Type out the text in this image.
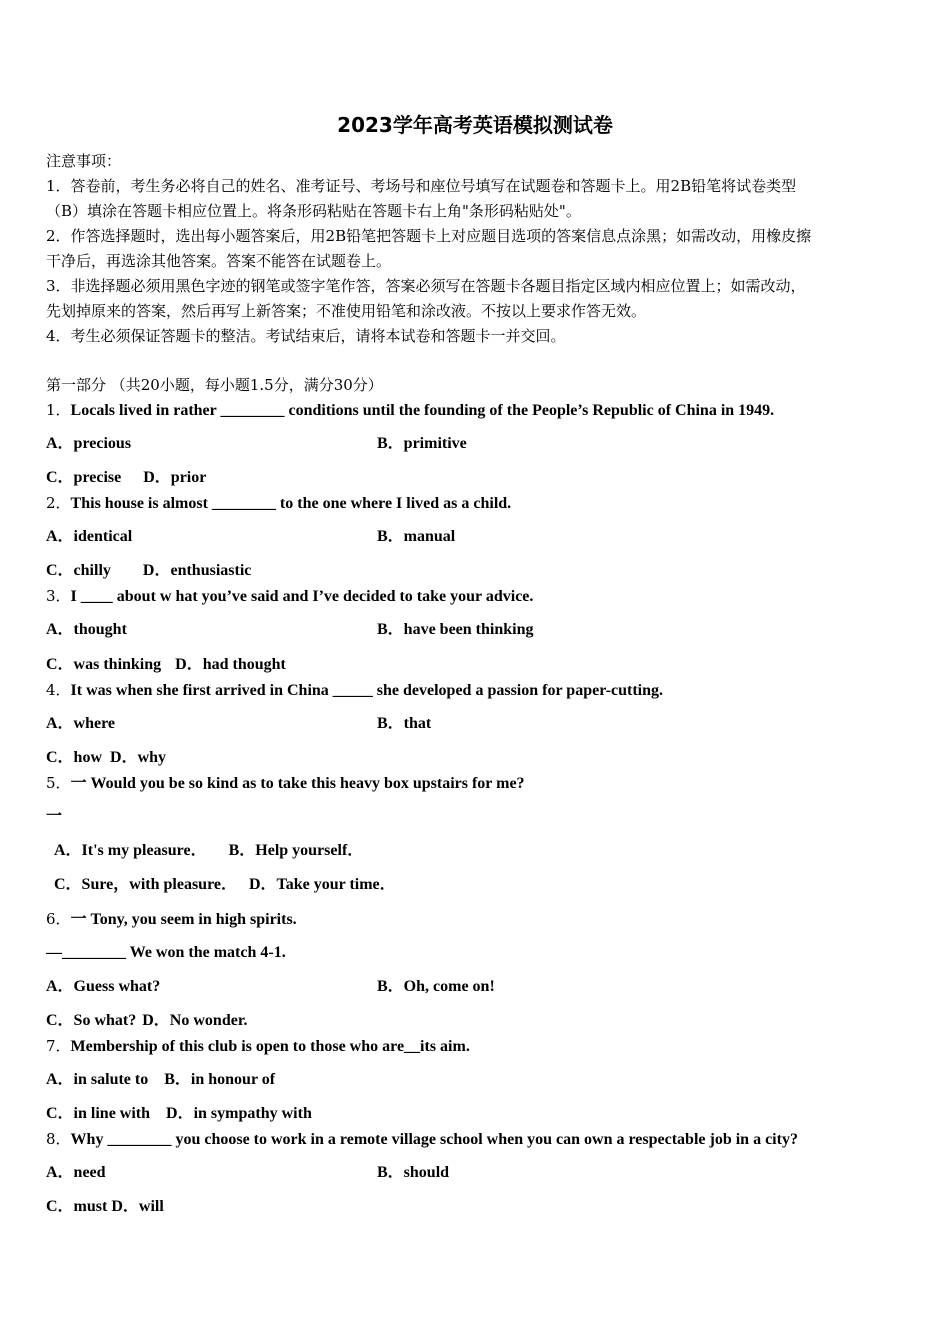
2023学年高考英语模拟测试卷
注意事项：
1．答卷前，考生务必将自己的姓名、准考证号、考场号和座位号填写在试题卷和答题卡上。用2B铅笔将试卷类型
（B）填涂在答题卡相应位置上。将条形码粘贴在答题卡右上角"条形码粘贴处"。
2．作答选择题时，选出每小题答案后，用2B铅笔把答题卡上对应题目选项的答案信息点涂黑；如需改动，用橡皮擦
干净后，再选涂其他答案。答案不能答在试题卷上。
3．非选择题必须用黑色字迹的钢笔或签字笔作答，答案必须写在答题卡各题目指定区域内相应位置上；如需改动，
先划掉原来的答案，然后再写上新答案；不准使用铅笔和涂改液。不按以上要求作答无效。
4．考生必须保证答题卡的整洁。考试结束后，请将本试卷和答题卡一并交回。
第一部分 （共20小题，每小题1.5分，满分30分）
1．Locals lived in rather ________ conditions until the founding of the People’s Republic of China in 1949.
A．precious	B．primitive
C．precise D．prior
2．This house is almost ________ to the one where I lived as a child.
A．identical	B．manual
C．chilly D．enthusiastic
3．I ____ about w hat you’ve said and I’ve decided to take your advice.
A．thought	B．have been thinking
C．was thinking D．had thought
4．It was when she first arrived in China _____ she developed a passion for paper-cutting.
A．where	B．that
C．how D．why
5．一 Would you be so kind as to take this heavy box upstairs for me?
一
A．It's my pleasure． B．Help yourself．
C．Sure，with pleasure． D．Take your time．
6．一 Tony, you seem in high spirits.
—________ We won the match 4-1.
A．Guess what?	B．Oh, come on!
C．So what? D．No wonder.
7．Membership of this club is open to those who are__its aim.
A．in salute to B．in honour of
C．in line with D．in sympathy with
8．Why ________ you choose to work in a remote village school when you can own a respectable job in a city?
A．need	B．should
C．must D．will
